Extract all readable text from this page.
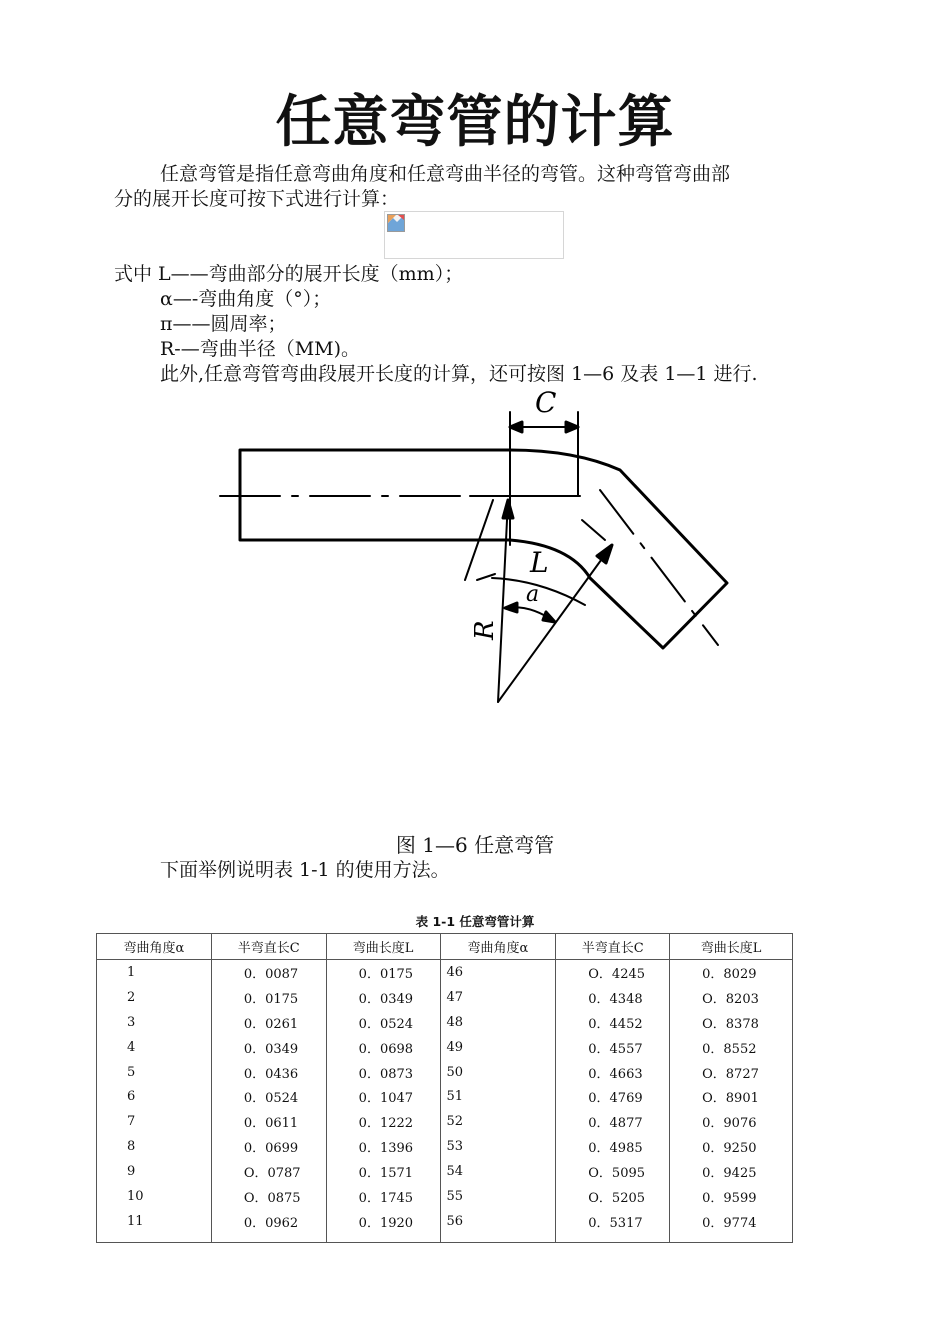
任意弯管的计算
任意弯管是指任意弯曲角度和任意弯曲半径的弯管。这种弯管弯曲部
分的展开长度可按下式进行计算：
式中 L——弯曲部分的展开长度（mm）；
α—-弯曲角度（°）；
π——圆周率；
R-—弯曲半径（MM)。
此外,任意弯管弯曲段展开长度的计算，还可按图 1—6 及表 1—1 进行.
C
L
a
R
图 1—6 任意弯管
下面举例说明表 1-1 的使用方法。
表 1-1 任意弯管计算
弯曲角度α	半弯直长C	弯曲长度L	弯曲角度α	半弯直长C	弯曲长度L
1	0．0087	0．0175	46	O．4245	0．8029
2	0．0175	0．0349	47	0．4348	O．8203
3	0．0261	0．0524	48	0．4452	O．8378
4	0．0349	0．0698	49	0．4557	0．8552
5	0．0436	0．0873	50	0．4663	O．8727
6	0．0524	0．1047	51	0．4769	O．8901
7	0．0611	0．1222	52	0．4877	0．9076
8	0．0699	0．1396	53	0．4985	0．9250
9	O．0787	0．1571	54	O．5095	0．9425
10	O．0875	0．1745	55	O．5205	0．9599
11	0．0962	0．1920	56	0．5317	0．9774
